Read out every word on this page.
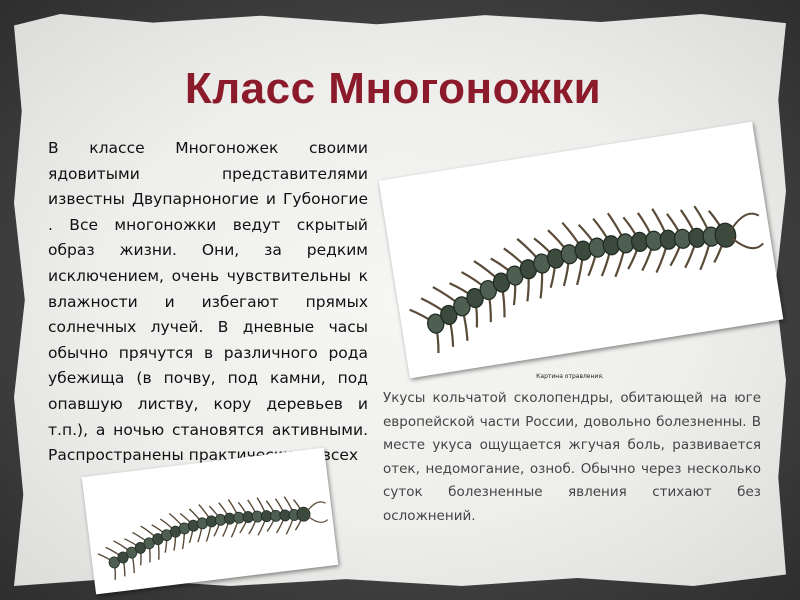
Класс Многоножки

В классе Многоножек своими ядовитыми представителями известны Двупарноногие и Губоногие . Все многоножки ведут скрытый образ жизни. Они, за редким исключением, очень чувствительны к влажности и избегают прямых солнечных лучей. В дневные часы обычно прячутся в различного рода убежища (в почву, под камни, под опавшую листву, кору деревьев и т.п.), а ночью становятся активными. Распространены практически во всех

Картина отравления.

Укусы кольчатой сколопендры, обитающей на юге европейской части России, довольно болезненны. В месте укуса ощущается жгучая боль, развивается отек, недомогание, озноб. Обычно через несколько суток болезненные явления стихают без осложнений.
